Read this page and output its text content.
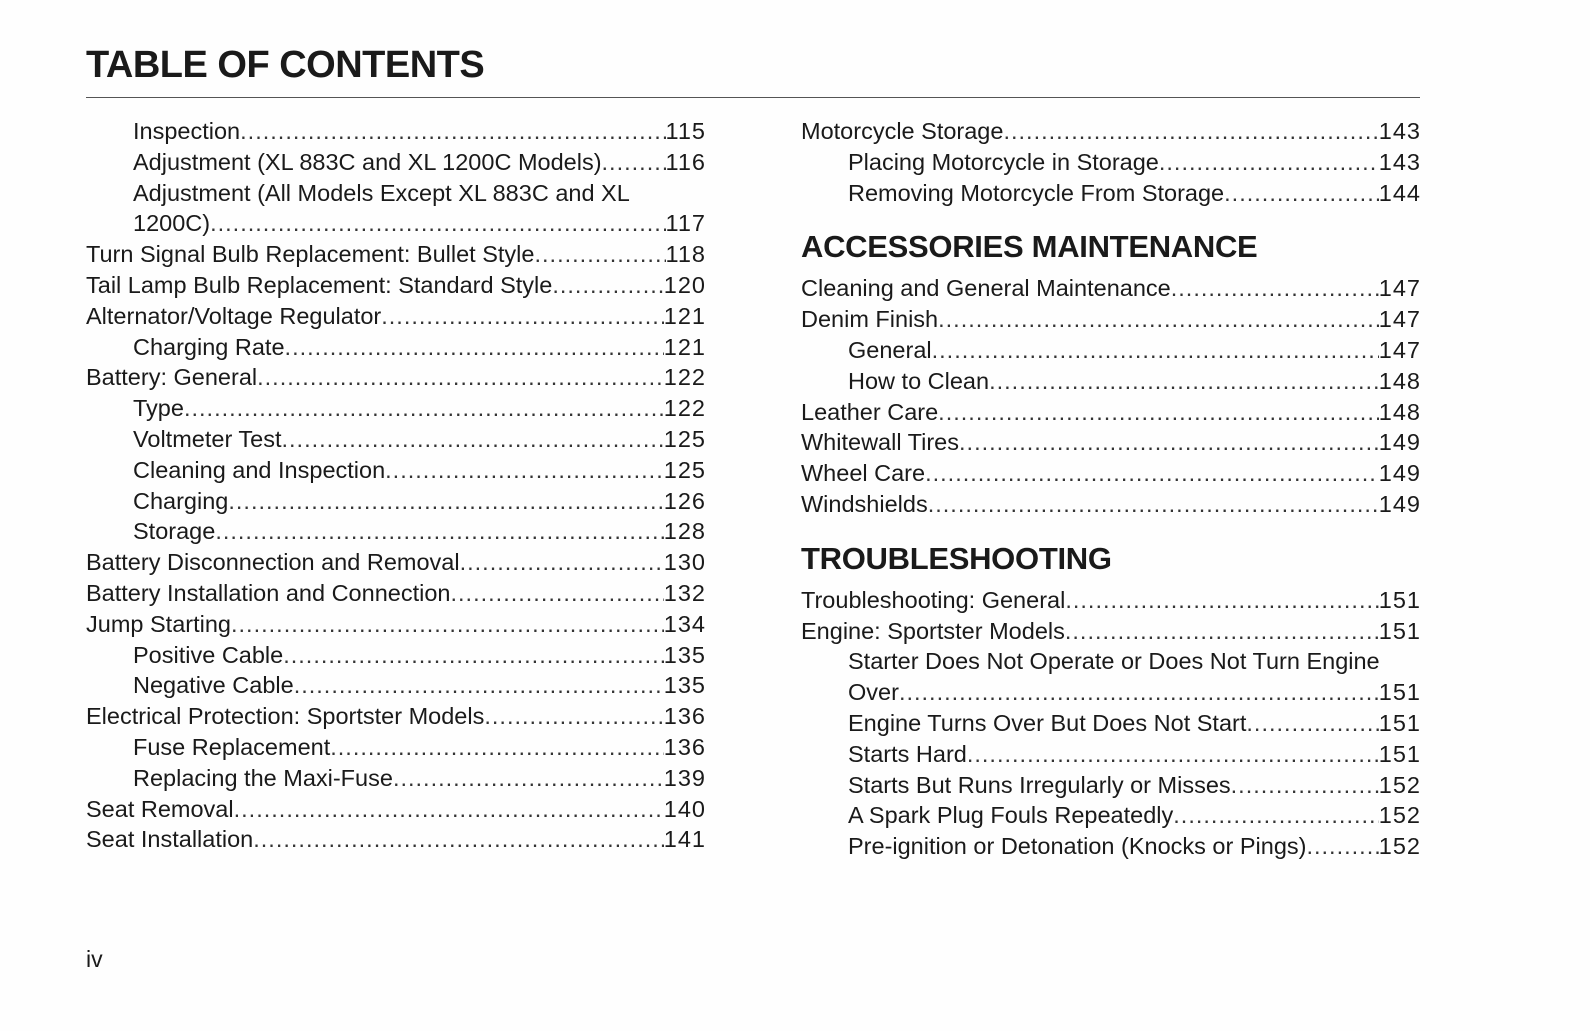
TABLE OF CONTENTS
Inspection .....	115
Adjustment (XL 883C and XL 1200C Models) .....	116
Adjustment (All Models Except XL 883C and XL
1200C) .....	117
Turn Signal Bulb Replacement: Bullet Style .....	118
Tail Lamp Bulb Replacement: Standard Style .....	120
Alternator/Voltage Regulator .....	121
Charging Rate .....	121
Battery: General .....	122
Type .....	122
Voltmeter Test .....	125
Cleaning and Inspection .....	125
Charging .....	126
Storage .....	128
Battery Disconnection and Removal .....	130
Battery Installation and Connection .....	132
Jump Starting .....	134
Positive Cable .....	135
Negative Cable .....	135
Electrical Protection: Sportster Models .....	136
Fuse Replacement .....	136
Replacing the Maxi-Fuse .....	139
Seat Removal .....	140
Seat Installation .....	141
Motorcycle Storage .....	143
Placing Motorcycle in Storage .....	143
Removing Motorcycle From Storage .....	144
ACCESSORIES MAINTENANCE
Cleaning and General Maintenance .....	147
Denim Finish .....	147
General .....	147
How to Clean .....	148
Leather Care .....	148
Whitewall Tires .....	149
Wheel Care .....	149
Windshields .....	149
TROUBLESHOOTING
Troubleshooting: General .....	151
Engine: Sportster Models .....	151
Starter Does Not Operate or Does Not Turn Engine
Over .....	151
Engine Turns Over But Does Not Start .....	151
Starts Hard .....	151
Starts But Runs Irregularly or Misses .....	152
A Spark Plug Fouls Repeatedly .....	152
Pre-ignition or Detonation (Knocks or Pings) .....	152
iv
